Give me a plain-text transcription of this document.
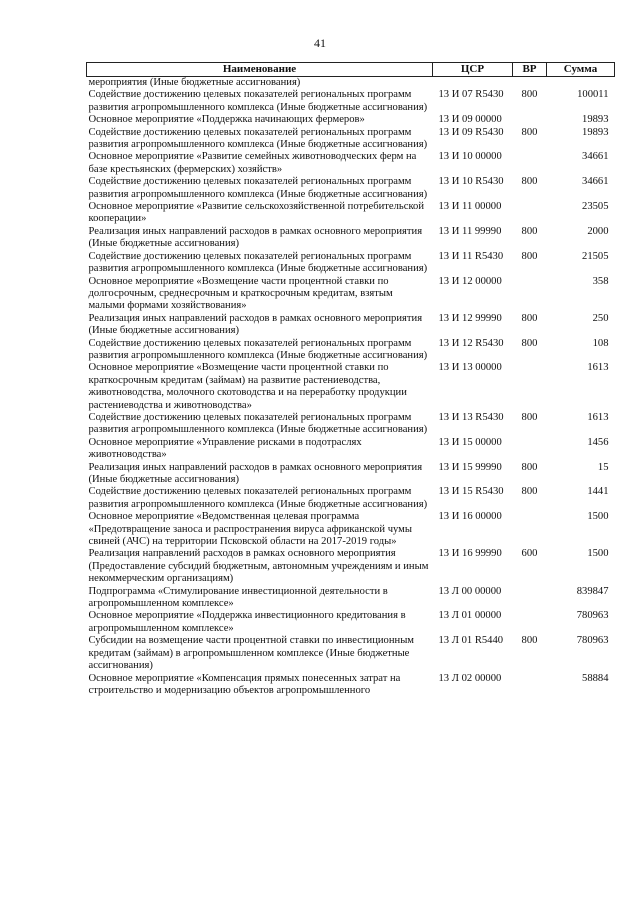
41
Наименование	ЦСР	ВР	Сумма
мероприятия (Иные бюджетные ассигнования)			
Содействие достижению целевых показателей региональных программ развития агропромышленного комплекса (Иные бюджетные ассигнования)	13 И 07 R5430	800	100011
Основное мероприятие «Поддержка начинающих фермеров»	13 И 09 00000		19893
Содействие достижению целевых показателей региональных программ развития агропромышленного комплекса (Иные бюджетные ассигнования)	13 И 09 R5430	800	19893
Основное мероприятие «Развитие семейных животноводческих ферм на базе крестьянских (фермерских) хозяйств»	13 И 10 00000		34661
Содействие достижению целевых показателей региональных программ развития агропромышленного комплекса (Иные бюджетные ассигнования)	13 И 10 R5430	800	34661
Основное мероприятие «Развитие сельскохозяйственной потребительской кооперации»	13 И 11 00000		23505
Реализация иных направлений расходов в рамках основного мероприятия (Иные бюджетные ассигнования)	13 И 11 99990	800	2000
Содействие достижению целевых показателей региональных программ развития агропромышленного комплекса (Иные бюджетные ассигнования)	13 И 11 R5430	800	21505
Основное мероприятие «Возмещение части процентной ставки по долгосрочным, среднесрочным и краткосрочным кредитам, взятым малыми формами хозяйствования»	13 И 12 00000		358
Реализация иных направлений расходов в рамках основного мероприятия (Иные бюджетные ассигнования)	13 И 12 99990	800	250
Содействие достижению целевых показателей региональных программ развития агропромышленного комплекса (Иные бюджетные ассигнования)	13 И 12 R5430	800	108
Основное мероприятие «Возмещение части процентной ставки по краткосрочным кредитам (займам) на развитие растениеводства, животноводства, молочного скотоводства и на переработку продукции растениеводства и животноводства»	13 И 13 00000		1613
Содействие достижению целевых показателей региональных программ развития агропромышленного комплекса (Иные бюджетные ассигнования)	13 И 13 R5430	800	1613
Основное мероприятие «Управление рисками в подотраслях животноводства»	13 И 15 00000		1456
Реализация иных направлений расходов в рамках основного мероприятия (Иные бюджетные ассигнования)	13 И 15 99990	800	15
Содействие достижению целевых показателей региональных программ развития агропромышленного комплекса (Иные бюджетные ассигнования)	13 И 15 R5430	800	1441
Основное мероприятие «Ведомственная целевая программа «Предотвращение заноса и распространения вируса африканской чумы свиней (АЧС) на территории Псковской области на 2017-2019 годы»	13 И 16 00000		1500
Реализация направлений расходов в рамках основного мероприятия (Предоставление субсидий бюджетным, автономным учреждениям и иным некоммерческим организациям)	13 И 16 99990	600	1500
Подпрограмма «Стимулирование инвестиционной деятельности в агропромышленном комплексе»	13 Л 00 00000		839847
Основное мероприятие «Поддержка инвестиционного кредитования в агропромышленном комплексе»	13 Л 01 00000		780963
Субсидии на возмещение части процентной ставки по инвестиционным кредитам (займам) в агропромышленном комплексе (Иные бюджетные ассигнования)	13 Л 01 R5440	800	780963
Основное мероприятие «Компенсация прямых понесенных затрат на строительство и модернизацию объектов агропромышленного	13 Л 02 00000		58884
